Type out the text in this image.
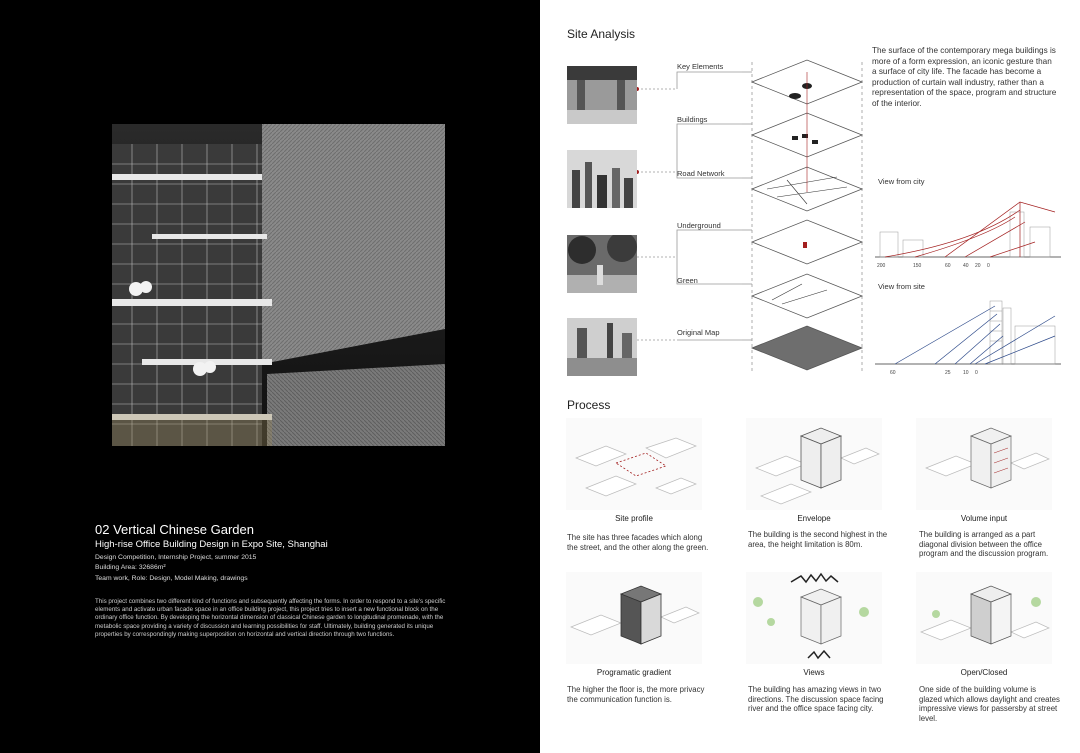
02 Vertical Chinese Garden
High-rise Office Building Design in Expo Site, Shanghai
Design Competition, Internship Project, summer 2015
Building Area: 32686m²
Team work, Role: Design, Model Making, drawings
This project combines two different kind of functions and subsequently affecting the forms. In order to respond to a site's specific elements and activate urban facade space in an office building project, this project tries to insert a new functional block on the ordinary office function. By developing the horizontal dimension of classical Chinese garden to longitudinal promenade, with the metabolic space providing a variety of discussion and learning possibilities for staff. Ultimately, building generated its unique properties by correspondingly making superposition on horizontal and vertical direction through two functions.
Site Analysis
Key Elements
Buildings
Road Network
Underground
Green
Original Map
The surface of the contemporary mega buildings is more of a form expression, an iconic gesture than a surface of city life. The facade has become a production of curtain wall industry, rather than a representation of the space, program and structure of the interior.
View from city
200	150	60 40 20 0
View from site
60	25 10 0
Process
Site profile	Envelope	Volume input
The site has three facades which along the street, and the other along the green.
The building is the second highest in the area, the height limitation is 80m.
The building is arranged as a part diagonal division between the office program and the discussion program.
Programatic gradient	Views	Open/Closed
The higher the floor is, the more privacy the communication function is.
The building has amazing views in two directions. The discussion space facing river and the office space facing city.
One side of the building volume is glazed which allows daylight and creates impressive views for passersby at street level.
